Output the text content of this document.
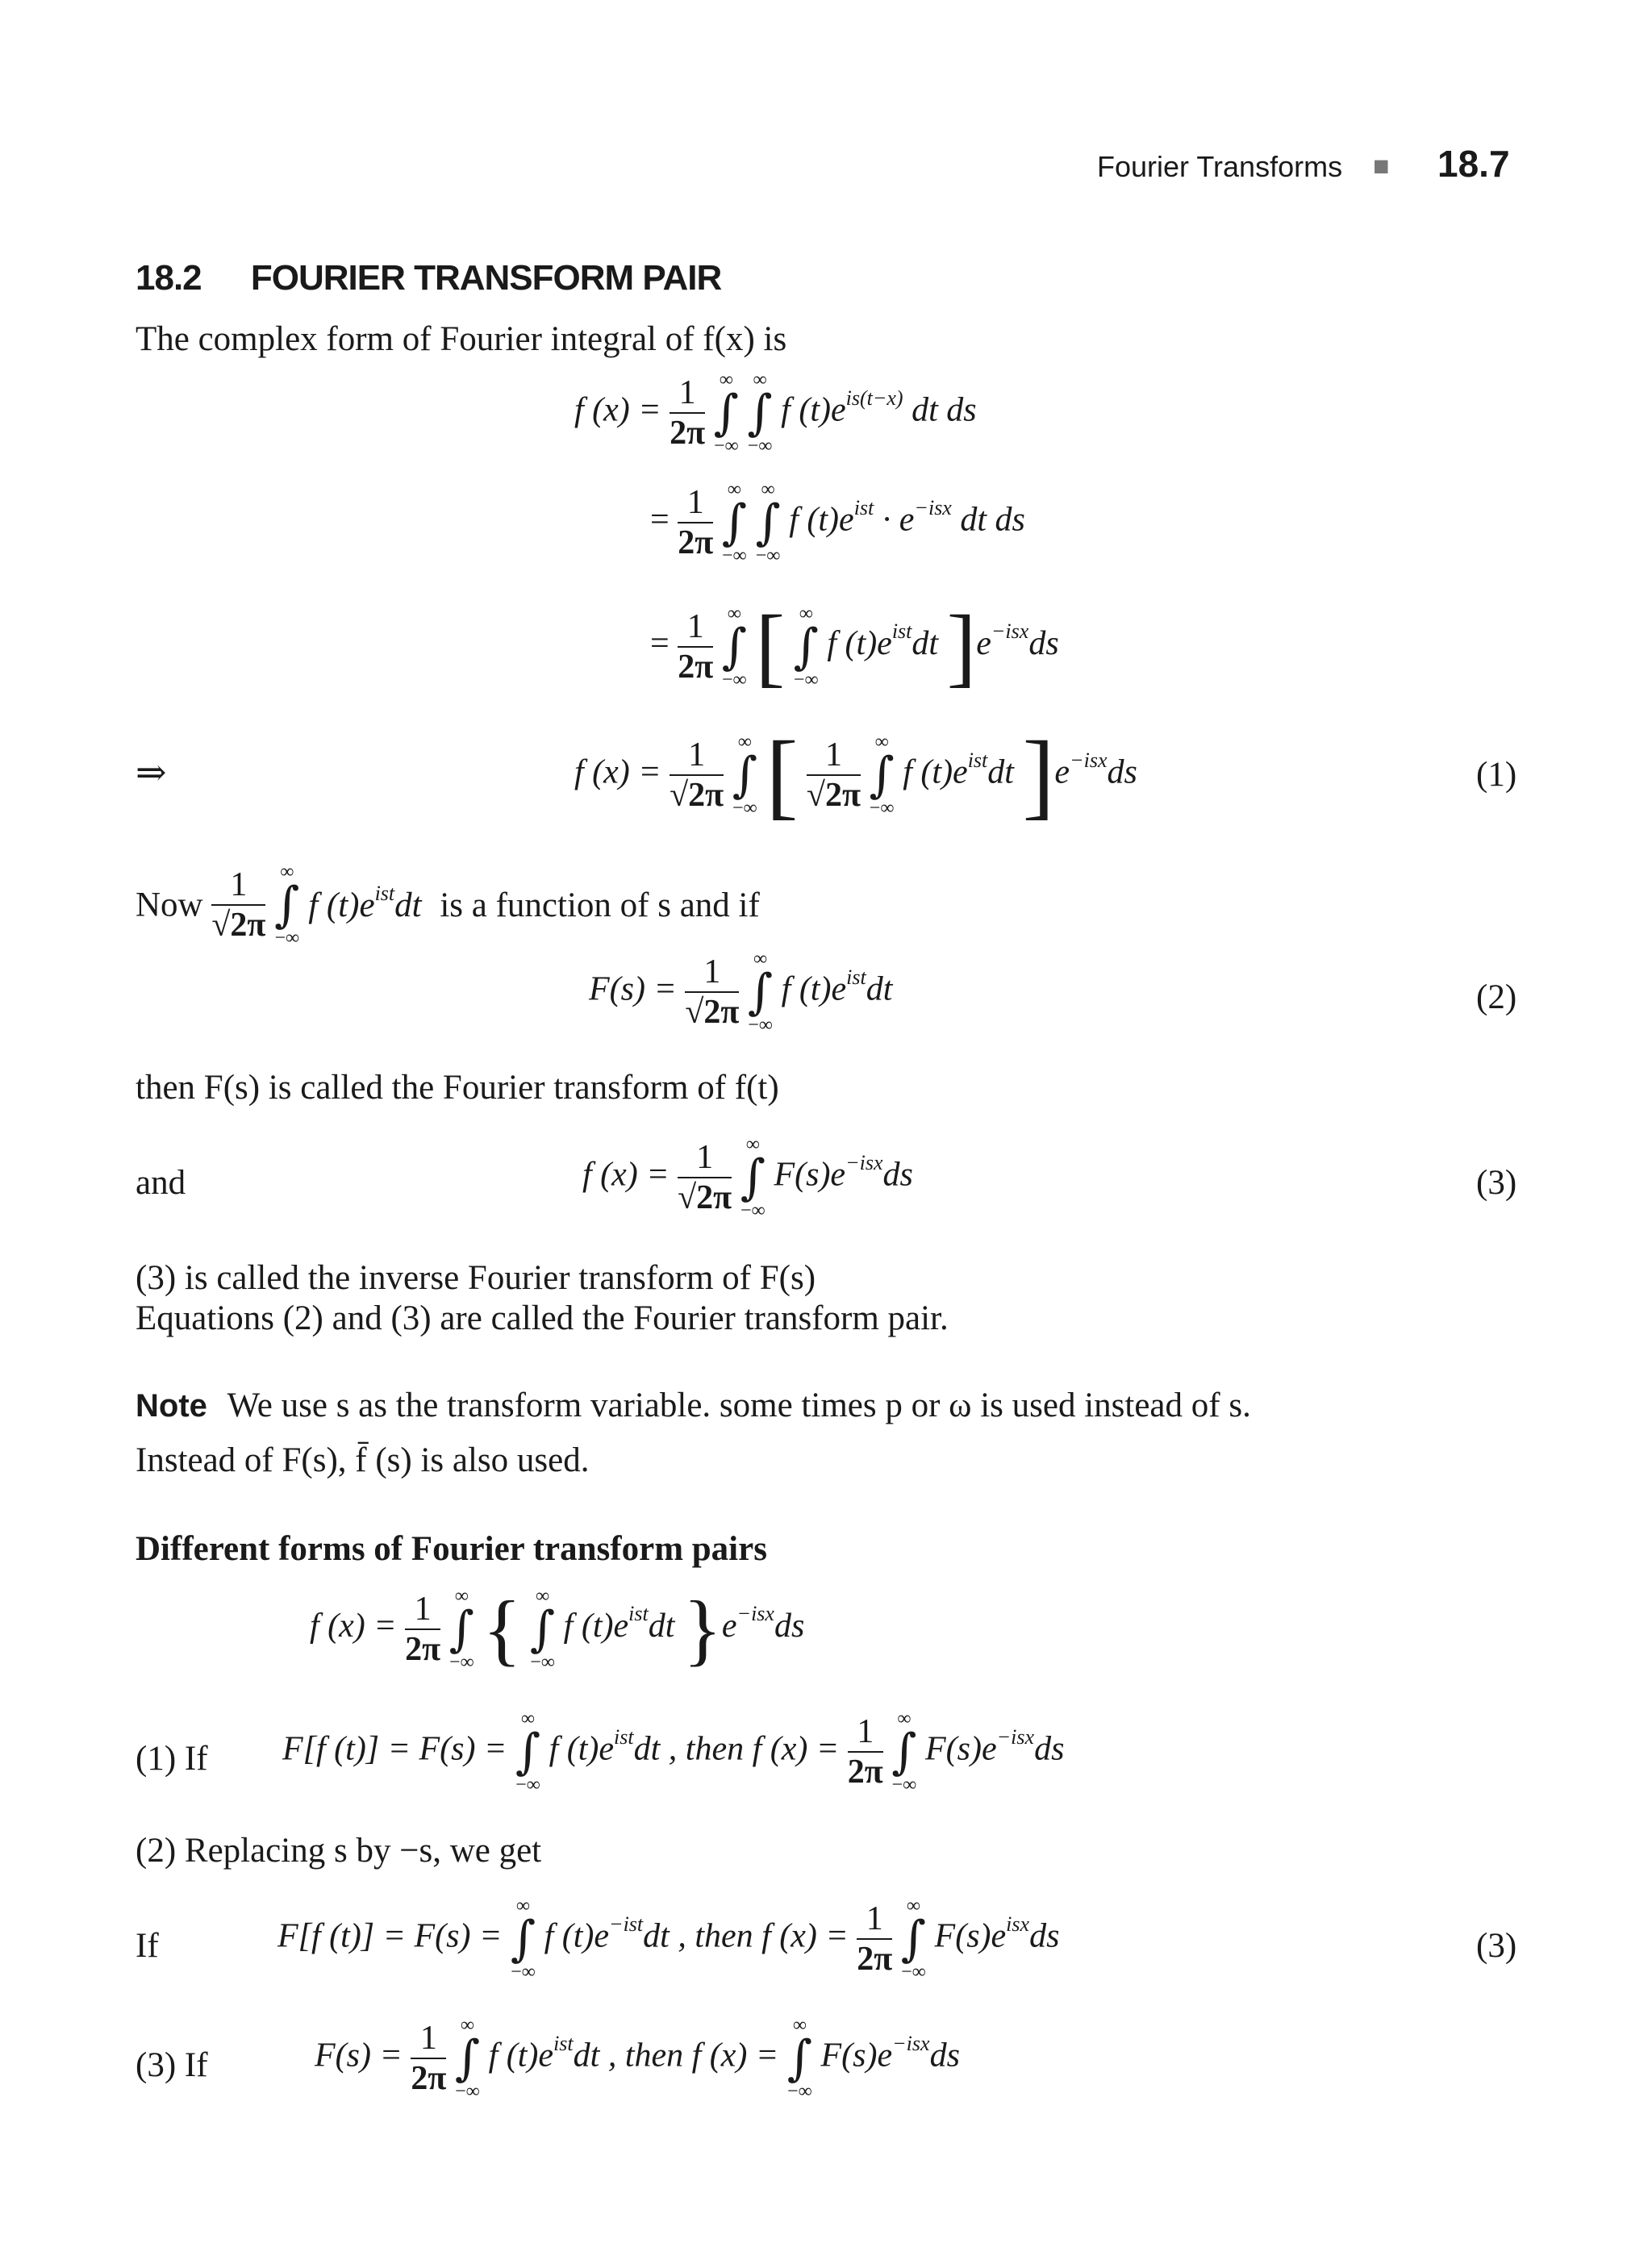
Fourier Transforms ■ 18.7
18.2 FOURIER TRANSFORM PAIR
The complex form of Fourier integral of f(x) is
f $(x) = \frac{1}{2\pi}$
∞
∫
−∞

∞
∫
−∞
f $(t)e^{is(t-x)}$ dt ds
= $\frac{1}{2\pi}$
∞
∫
−∞

∞
∫
−∞
f $(t)e^{ist} \cdot e^{-isx}$ dt ds
= $\frac{1}{2\pi}$
∞
∫
−∞ [ ∞
∫
−∞
f $(t)e^{ist}dt$ ]$e^{-isx}ds$
⇒	f $(x) = \frac{1}{√2\pi}$
∞
∫
−∞ [ $\frac{1}{√2\pi}$
∞
∫
−∞
f $(t)e^{ist}dt$ ]$e^{-isx}ds$	(1)
Now $\frac{1}{√2\pi}$
∞
∫
−∞
f $(t)e^{ist}dt$ is a function of s and if
$F(s) = \frac{1}{√2\pi}$
∞
∫
−∞
f $(t)e^{ist}dt$	(2)
then F(s) is called the Fourier transform of f(t)
and	f $(x) = \frac{1}{√2\pi}$
∞
∫
−∞
$F(s)e^{-isx}ds$	(3)
(3) is called the inverse Fourier transform of F(s)
Equations (2) and (3) are called the Fourier transform pair.
Note We use s as the transform variable. some times p or ω is used instead of s.
Instead of F(s), f̄ (s) is also used.
Different forms of Fourier transform pairs
f $(x) = \frac{1}{2\pi}$
∞
∫
−∞ { ∞
∫
−∞
f $(t)e^{ist}dt$ }$e^{-isx}ds$
(1) If F[f (t)] = F(s) =
∞
∫
−∞
f $(t)e^{ist}dt$ , then f $(x) = \frac{1}{2\pi}$
∞
∫
−∞
$F(s)e^{-isx}ds$
(2) Replacing s by −s, we get
If	F[f (t)] = F(s) =
∞
∫
−∞
f $(t)e^{-ist}dt$ , then f $(x) = \frac{1}{2\pi}$
∞
∫
−∞
$F(s)e^{isx}ds$	(3)
(3) If	$F(s) = \frac{1}{2\pi}$
∞
∫
−∞
f $(t)e^{ist}dt$ , then f (x) =
∞
∫
−∞
$F(s)e^{-isx}ds$
